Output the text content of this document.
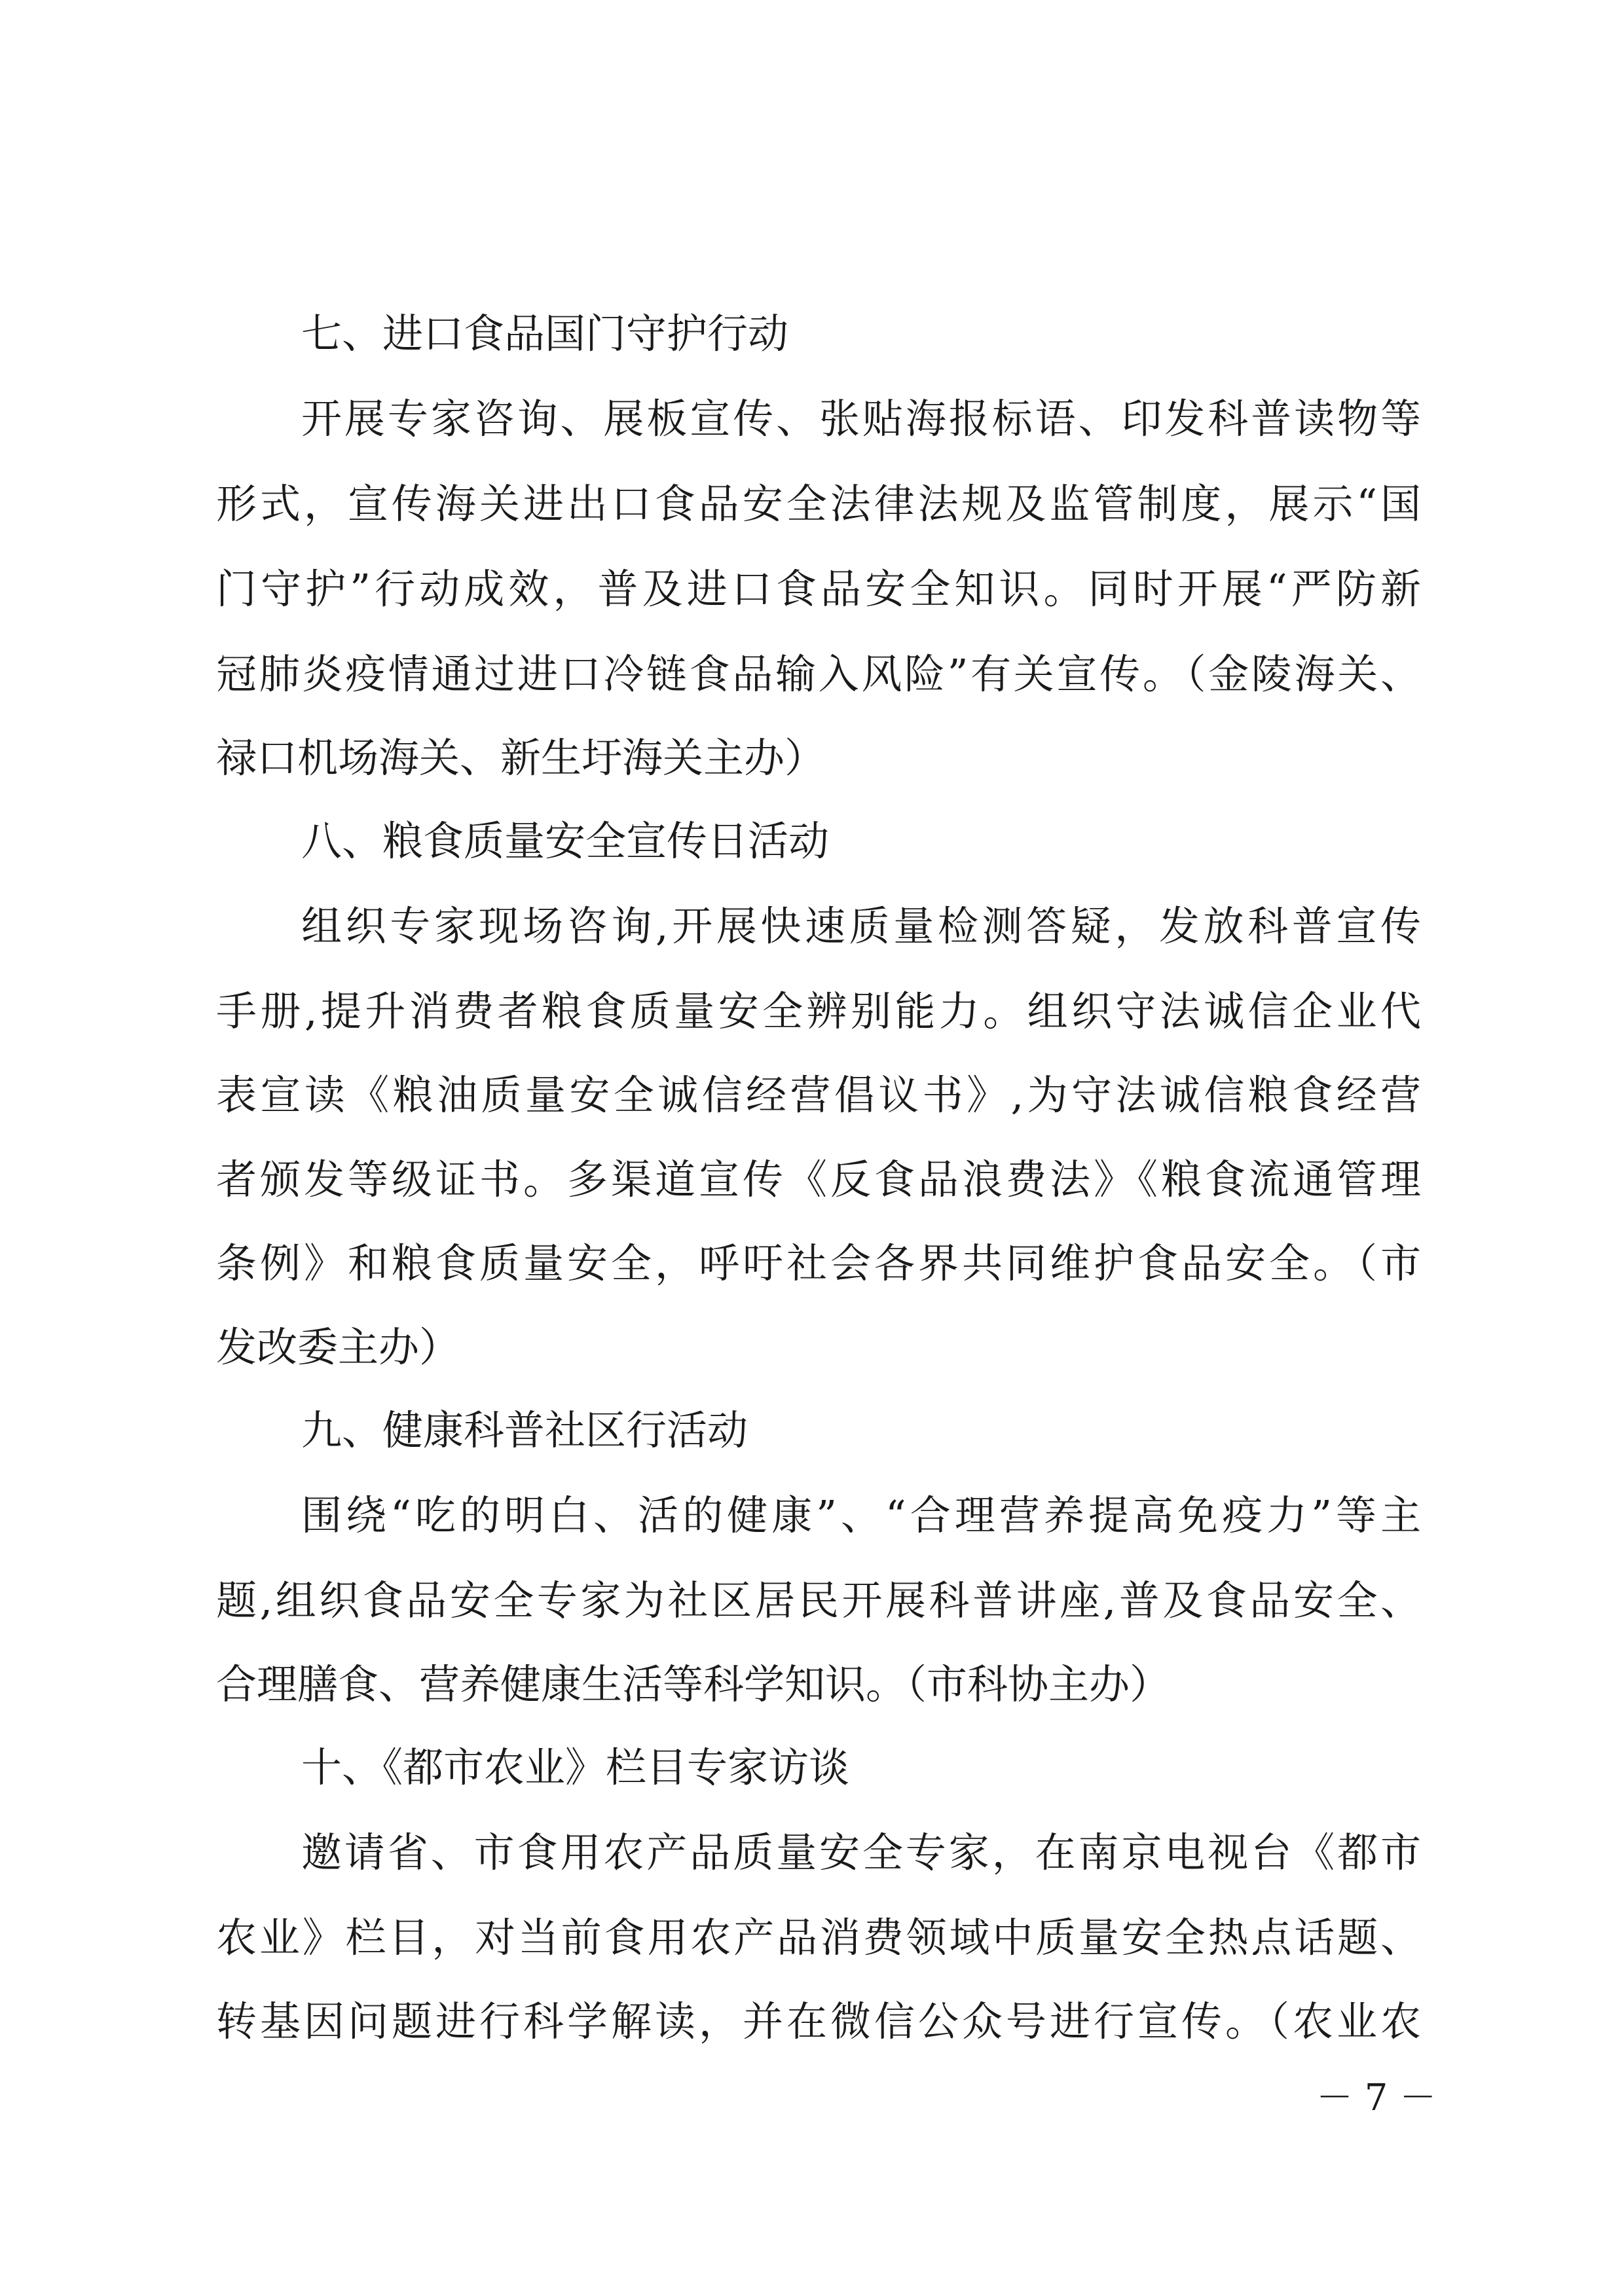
七、进口食品国门守护行动
开展专家咨询、展板宣传、张贴海报标语、印发科普读物等
形式，宣传海关进出口食品安全法律法规及监管制度，展示“国
门守护”行动成效，普及进口食品安全知识。同时开展“严防新
冠肺炎疫情通过进口冷链食品输入风险”有关宣传。（金陵海关、
禄口机场海关、新生圩海关主办）
八、粮食质量安全宣传日活动
组织专家现场咨询,开展快速质量检测答疑，发放科普宣传
手册,提升消费者粮食质量安全辨别能力。组织守法诚信企业代
表宣读《粮油质量安全诚信经营倡议书》,为守法诚信粮食经营
者颁发等级证书。多渠道宣传《反食品浪费法》《粮食流通管理
条例》和粮食质量安全，呼吁社会各界共同维护食品安全。（市
发改委主办）
九、健康科普社区行活动
围绕“吃的明白、活的健康”、“合理营养提高免疫力”等主
题,组织食品安全专家为社区居民开展科普讲座,普及食品安全、
合理膳食、营养健康生活等科学知识。（市科协主办）
十、《都市农业》栏目专家访谈
邀请省、市食用农产品质量安全专家，在南京电视台《都市
农业》栏目，对当前食用农产品消费领域中质量安全热点话题、
转基因问题进行科学解读，并在微信公众号进行宣传。（农业农
－ 7 －
